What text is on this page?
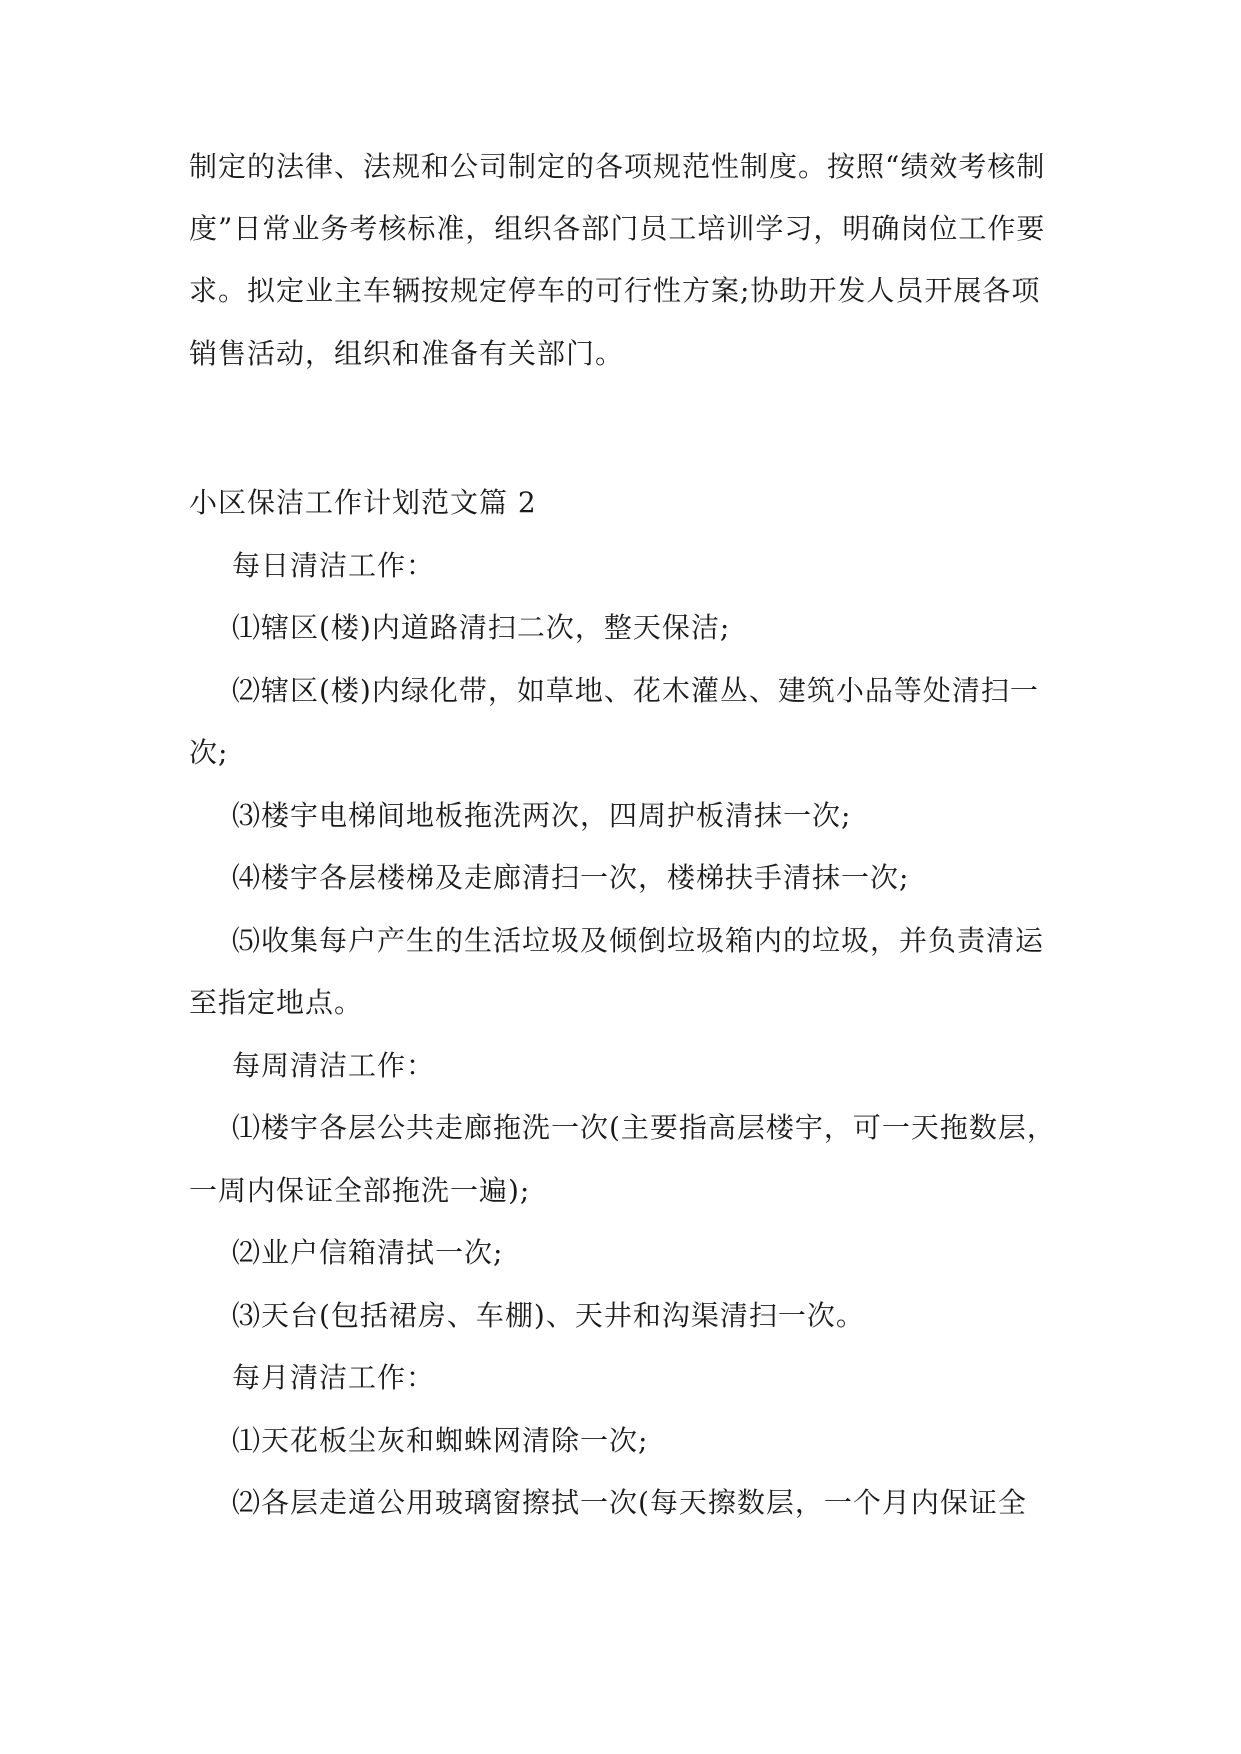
制定的法律、法规和公司制定的各项规范性制度。按照“绩效考核制
度”日常业务考核标准，组织各部门员工培训学习，明确岗位工作要
求。拟定业主车辆按规定停车的可行性方案;协助开发人员开展各项
销售活动，组织和准备有关部门。
小区保洁工作计划范文篇 2
每日清洁工作：
⑴辖区(楼)内道路清扫二次，整天保洁;
⑵辖区(楼)内绿化带，如草地、花木灌丛、建筑小品等处清扫一
次;
⑶楼宇电梯间地板拖洗两次，四周护板清抹一次;
⑷楼宇各层楼梯及走廊清扫一次，楼梯扶手清抹一次;
⑸收集每户产生的生活垃圾及倾倒垃圾箱内的垃圾，并负责清运
至指定地点。
每周清洁工作：
⑴楼宇各层公共走廊拖洗一次(主要指高层楼宇，可一天拖数层，
一周内保证全部拖洗一遍);
⑵业户信箱清拭一次;
⑶天台(包括裙房、车棚)、天井和沟渠清扫一次。
每月清洁工作：
⑴天花板尘灰和蜘蛛网清除一次;
⑵各层走道公用玻璃窗擦拭一次(每天擦数层，一个月内保证全
